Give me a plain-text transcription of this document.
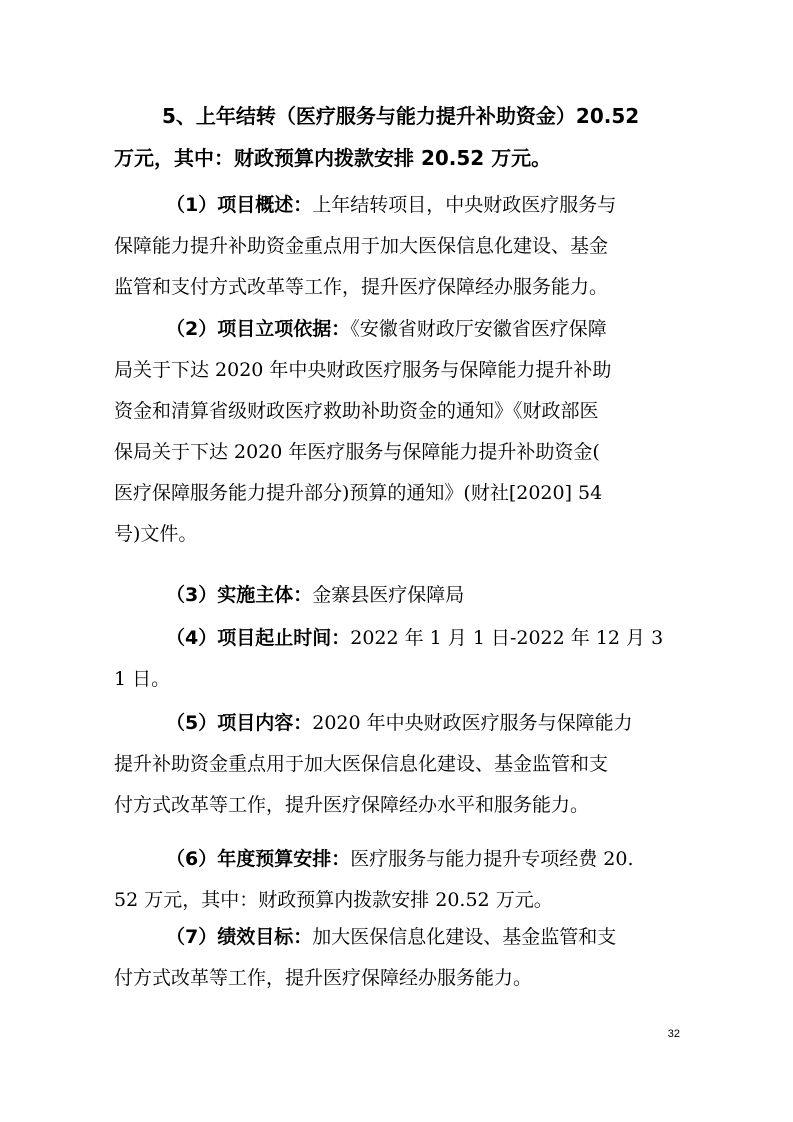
5、上年结转（医疗服务与能力提升补助资金）20.52
万元，其中：财政预算内拨款安排 20.52 万元。

（1）项目概述：上年结转项目，中央财政医疗服务与
保障能力提升补助资金重点用于加大医保信息化建设、基金
监管和支付方式改革等工作，提升医疗保障经办服务能力。

（2）项目立项依据：《安徽省财政厅安徽省医疗保障
局关于下达 2020 年中央财政医疗服务与保障能力提升补助
资金和清算省级财政医疗救助补助资金的通知》《财政部医
保局关于下达 2020 年医疗服务与保障能力提升补助资金(
医疗保障服务能力提升部分)预算的通知》(财社[2020] 54
号)文件。

（3）实施主体：金寨县医疗保障局

（4）项目起止时间：2022 年 1 月 1 日-2022 年 12 月 3
1 日。

（5）项目内容：2020 年中央财政医疗服务与保障能力
提升补助资金重点用于加大医保信息化建设、基金监管和支
付方式改革等工作，提升医疗保障经办水平和服务能力。

（6）年度预算安排：医疗服务与能力提升专项经费 20.
52 万元，其中：财政预算内拨款安排 20.52 万元。

（7）绩效目标：加大医保信息化建设、基金监管和支
付方式改革等工作，提升医疗保障经办服务能力。

32
